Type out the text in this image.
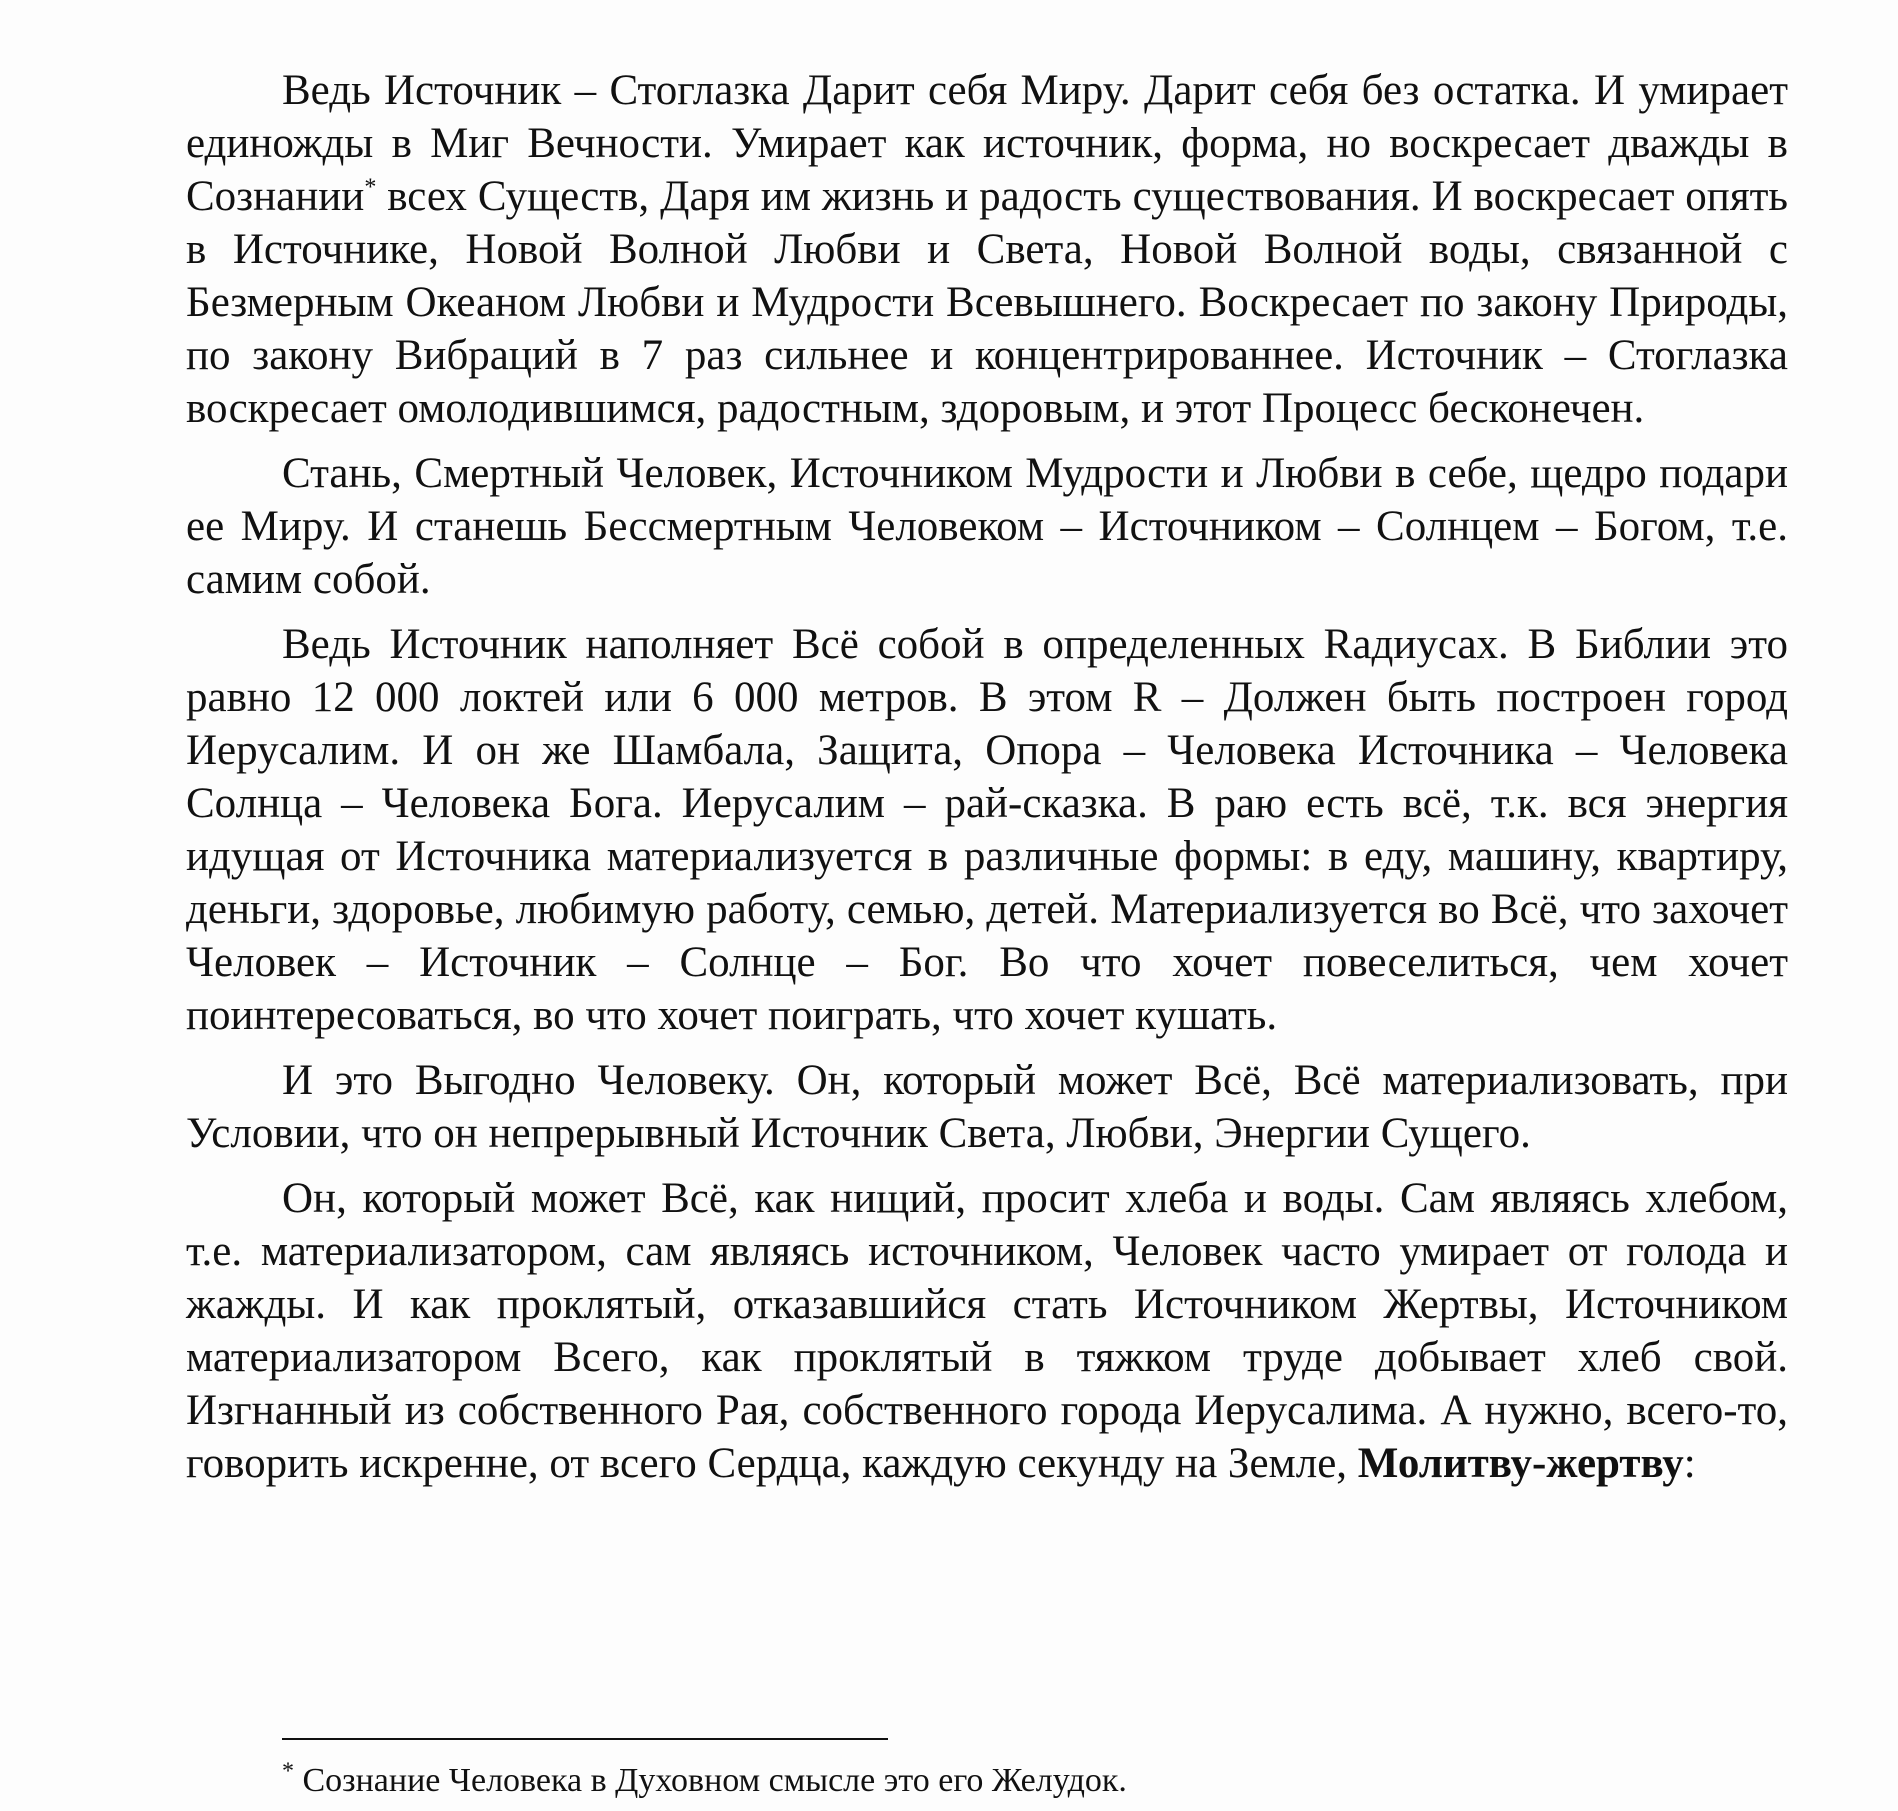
Ведь Источник – Стоглазка Дарит себя Миру. Дарит себя без остатка. И умирает единожды в Миг Вечности. Умирает как источник, форма, но воскресает дважды в Сознании* всех Существ, Даря им жизнь и радость существования. И воскресает опять в Источнике, Новой Волной Любви и Света, Новой Волной воды, связанной с Безмерным Океаном Любви и Мудрости Всевышнего. Воскресает по закону Природы, по закону Вибраций в 7 раз сильнее и концентрированнее. Источник – Стоглазка воскресает омолодившимся, радостным, здоровым, и этот Процесс бесконечен.

Стань, Смертный Человек, Источником Мудрости и Любви в себе, щедро подари ее Миру. И станешь Бессмертным Человеком – Источником – Солнцем – Богом, т.е. самим собой.

Ведь Источник наполняет Всё собой в определенных Rадиусах. В Библии это равно 12 000 локтей или 6 000 метров. В этом R – Должен быть построен город Иерусалим. И он же Шамбала, Защита, Опора – Человека Источника – Человека Солнца – Человека Бога. Иерусалим – рай-сказка. В раю есть всё, т.к. вся энергия идущая от Источника материализуется в различные формы: в еду, машину, квартиру, деньги, здоровье, любимую работу, семью, детей. Материализуется во Всё, что захочет Человек – Источник – Солнце – Бог. Во что хочет повеселиться, чем хочет поинтересоваться, во что хочет поиграть, что хочет кушать.

И это Выгодно Человеку. Он, который может Всё, Всё материализовать, при Условии, что он непрерывный Источник Света, Любви, Энергии Сущего.

Он, который может Всё, как нищий, просит хлеба и воды. Сам являясь хлебом, т.е. материализатором, сам являясь источником, Человек часто умирает от голода и жажды. И как проклятый, отказавшийся стать Источником Жертвы, Источником материализатором Всего, как проклятый в тяжком труде добывает хлеб свой. Изгнанный из собственного Рая, собственного города Иерусалима. А нужно, всего-то, говорить искренне, от всего Сердца, каждую секунду на Земле, Молитву-жертву:

* Сознание Человека в Духовном смысле это его Желудок.
